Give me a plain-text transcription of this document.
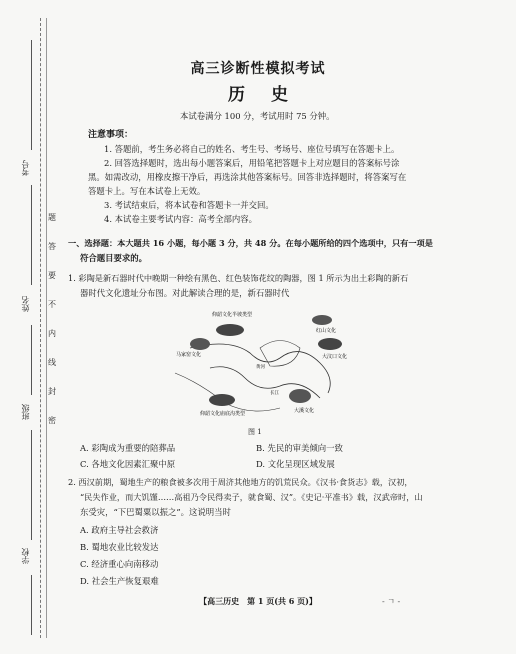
考号
姓名
班级
学校
题
答
要
不
内
线
封
密
高三诊断性模拟考试
历史
本试卷满分 100 分，考试用时 75 分钟。
注意事项：
1. 答题前，考生务必将自己的姓名、考生号、考场号、座位号填写在答题卡上。
2. 回答选择题时，选出每小题答案后，用铅笔把答题卡上对应题目的答案标号涂
黑。如需改动，用橡皮擦干净后，再选涂其他答案标号。回答非选择题时，将答案写在
答题卡上。写在本试卷上无效。
3. 考试结束后，将本试卷和答题卡一并交回。
4. 本试卷主要考试内容：高考全部内容。
一、选择题：本大题共 16 小题，每小题 3 分，共 48 分。在每小题所给的四个选项中，只有一项是
符合题目要求的。
1. 彩陶是新石器时代中晚期一种绘有黑色、红色装饰花纹的陶器，图 1 所示为出土彩陶的新石
器时代文化遗址分布图。对此解读合理的是，新石器时代
仰韶文化半坡类型
红山文化
马家窑文化	大汶口文化
黄河
长江
仰韶文化庙底沟类型	大溪文化
图 1
A. 彩陶成为重要的陪葬品	B. 先民的审美倾向一致
C. 各地文化因素汇聚中原	D. 文化呈现区域发展
2. 西汉前期，蜀地生产的粮食被多次用于周济其他地方的饥荒民众。《汉书·食货志》载，汉初，
“民失作业，而大饥馑……高祖乃令民得卖子，就食蜀、汉”。《史记·平准书》载，汉武帝时，山
东受灾，“下巴蜀粟以振之”。这说明当时
A. 政府主导社会救济
B. 蜀地农业比较发达
C. 经济重心向南移动
D. 社会生产恢复艰难
【高三历史　第 1 页(共 6 页)】	- ㄱ -
